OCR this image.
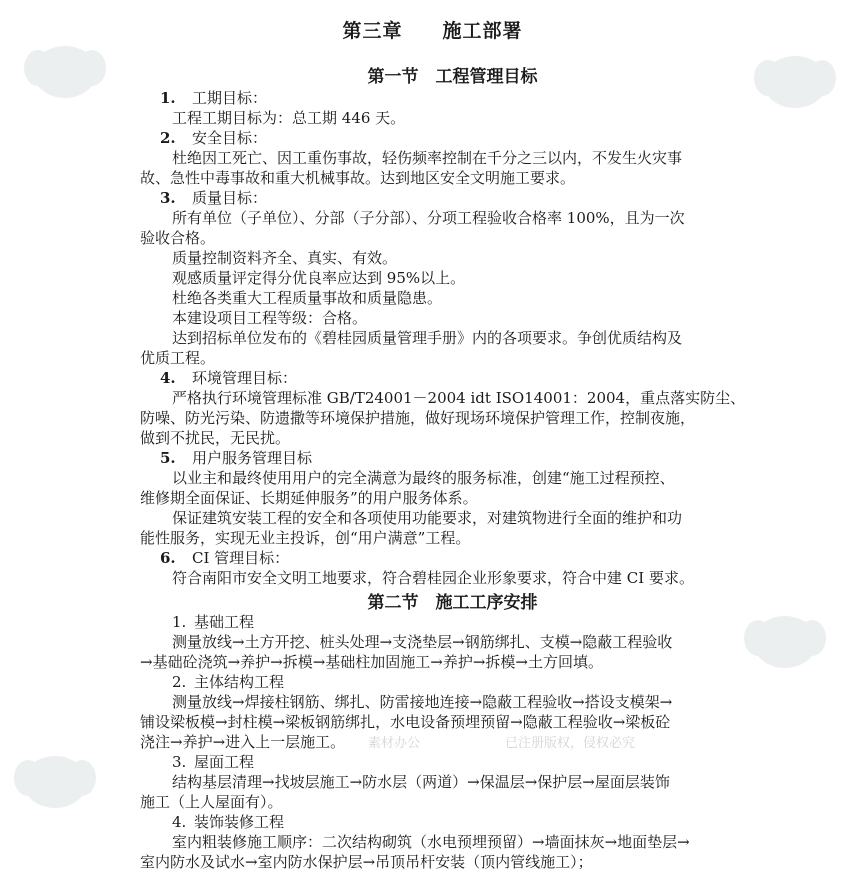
素材办公	已注册版权，侵权必究
第三章　　施工部署
第一节　工程管理目标
1. 工期目标：
工程工期目标为：总工期 446 天。
2. 安全目标：
杜绝因工死亡、因工重伤事故，轻伤频率控制在千分之三以内，不发生火灾事
故、急性中毒事故和重大机械事故。达到地区安全文明施工要求。
3. 质量目标：
所有单位（子单位）、分部（子分部）、分项工程验收合格率 100%，且为一次
验收合格。
质量控制资料齐全、真实、有效。
观感质量评定得分优良率应达到 95%以上。
杜绝各类重大工程质量事故和质量隐患。
本建设项目工程等级：合格。
达到招标单位发布的《碧桂园质量管理手册》内的各项要求。争创优质结构及
优质工程。
4. 环境管理目标：
严格执行环境管理标准 GB/T24001－2004 idt ISO14001：2004，重点落实防尘、
防噪、防光污染、防遗撒等环境保护措施，做好现场环境保护管理工作，控制夜施，
做到不扰民，无民扰。
5. 用户服务管理目标
以业主和最终使用用户的完全满意为最终的服务标准，创建“施工过程预控、
维修期全面保证、长期延伸服务”的用户服务体系。
保证建筑安装工程的安全和各项使用功能要求，对建筑物进行全面的维护和功
能性服务，实现无业主投诉，创“用户满意”工程。
6. CI 管理目标：
符合南阳市安全文明工地要求，符合碧桂园企业形象要求，符合中建 CI 要求。
第二节　施工工序安排
1. 基础工程
测量放线→土方开挖、桩头处理→支浇垫层→钢筋绑扎、支模→隐蔽工程验收
→基础砼浇筑→养护→拆模→基础柱加固施工→养护→拆模→土方回填。
2. 主体结构工程
测量放线→焊接柱钢筋、绑扎、防雷接地连接→隐蔽工程验收→搭设支模架→
铺设梁板模→封柱模→梁板钢筋绑扎，水电设备预埋预留→隐蔽工程验收→梁板砼
浇注→养护→进入上一层施工。
3. 屋面工程
结构基层清理→找坡层施工→防水层（两道）→保温层→保护层→屋面层装饰
施工（上人屋面有）。
4. 装饰装修工程
室内粗装修施工顺序：二次结构砌筑（水电预埋预留）→墙面抹灰→地面垫层→
室内防水及试水→室内防水保护层→吊顶吊杆安装（顶内管线施工）；
